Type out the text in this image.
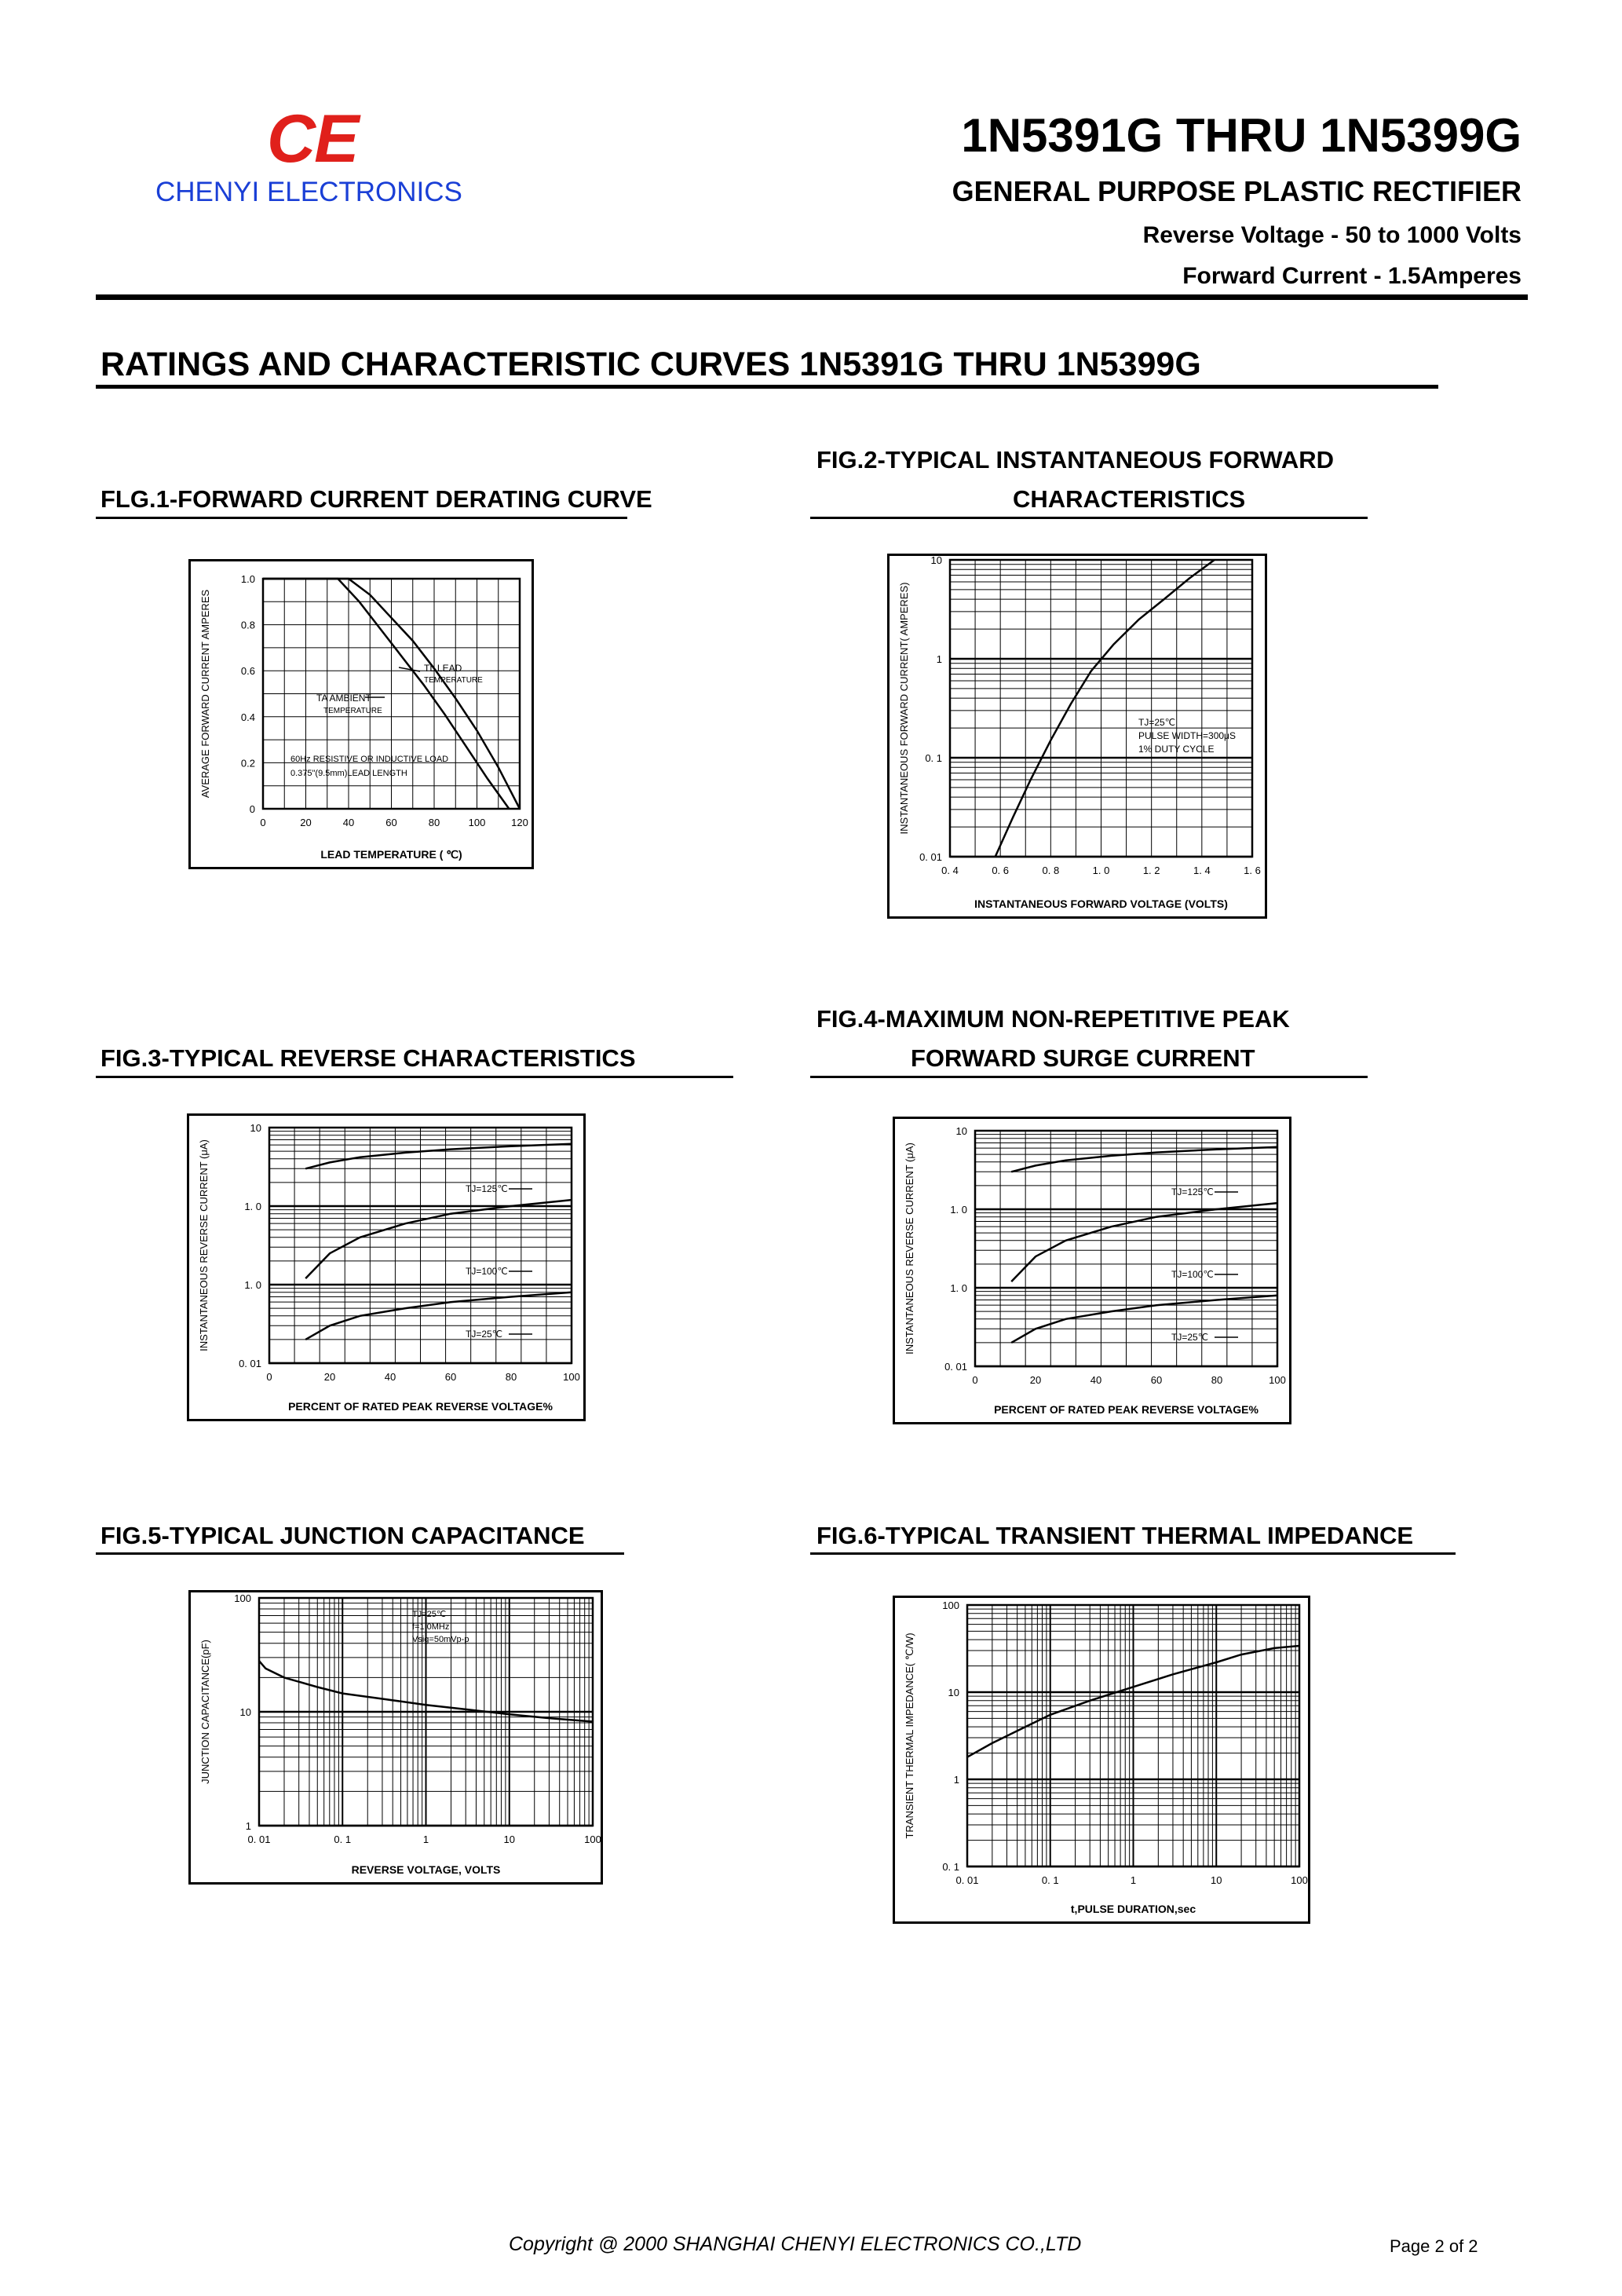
CE
CHENYI ELECTRONICS
1N5391G THRU 1N5399G
GENERAL PURPOSE PLASTIC RECTIFIER
Reverse Voltage - 50 to 1000 Volts
Forward Current - 1.5Amperes
RATINGS AND CHARACTERISTIC CURVES 1N5391G THRU 1N5399G
FLG.1-FORWARD CURRENT DERATING CURVE
FIG.2-TYPICAL INSTANTANEOUS FORWARD
CHARACTERISTICS
FIG.3-TYPICAL REVERSE CHARACTERISTICS
FIG.4-MAXIMUM NON-REPETITIVE PEAK
FORWARD SURGE CURRENT
FIG.5-TYPICAL JUNCTION CAPACITANCE	FIG.6-TYPICAL TRANSIENT THERMAL IMPEDANCE
0	20	40	60	80	100	120
0
0.2
0.4
0.6
0.8
1.0
LEAD TEMPERATURE ( ℃)
AVERAGE FORWARD CURRENT AMPERES	TL LEAD
TEMPERATURE
TA AMBIENT
TEMPERATURE
60Hz RESISTIVE OR INDUCTIVE LOAD
0.375"(9.5mm)LEAD LENGTH
0. 4	0. 6	0. 8	1. 0	1. 2	1. 4	1. 6
0. 01
0. 1
1
10
INSTANTANEOUS FORWARD VOLTAGE (VOLTS)
INSTANTANEOUS FORWARD CURRENT( AMPERES)	TJ=25℃
PULSE WIDTH=300μS
1% DUTY CYCLE
0	20	40	60	80	100
0. 01
1. 0
1. 0
10
PERCENT OF RATED PEAK REVERSE VOLTAGE%
INSTANTANEOUS REVERSE CURRENT (μA)	TJ=125℃
TJ=100℃
TJ=25℃
0	20	40	60	80	100
0. 01
1. 0
1. 0
10
PERCENT OF RATED PEAK REVERSE VOLTAGE%
INSTANTANEOUS REVERSE CURRENT (μA)	TJ=125℃
TJ=100℃
TJ=25℃
0. 01	0. 1	1	10	100
1
10
100
REVERSE VOLTAGE, VOLTS
JUNCTION CAPACITANCE(pF)
TJ=25℃
f=1.0MHz
Vsig=50mVp-p
0. 01	0. 1	1	10	100
0. 1
1
10
100
t,PULSE DURATION,sec
TRANSIENT THERMAL IMPEDANCE( ℃/W)
Copyright @ 2000 SHANGHAI CHENYI ELECTRONICS CO.,LTD	Page 2 of 2
